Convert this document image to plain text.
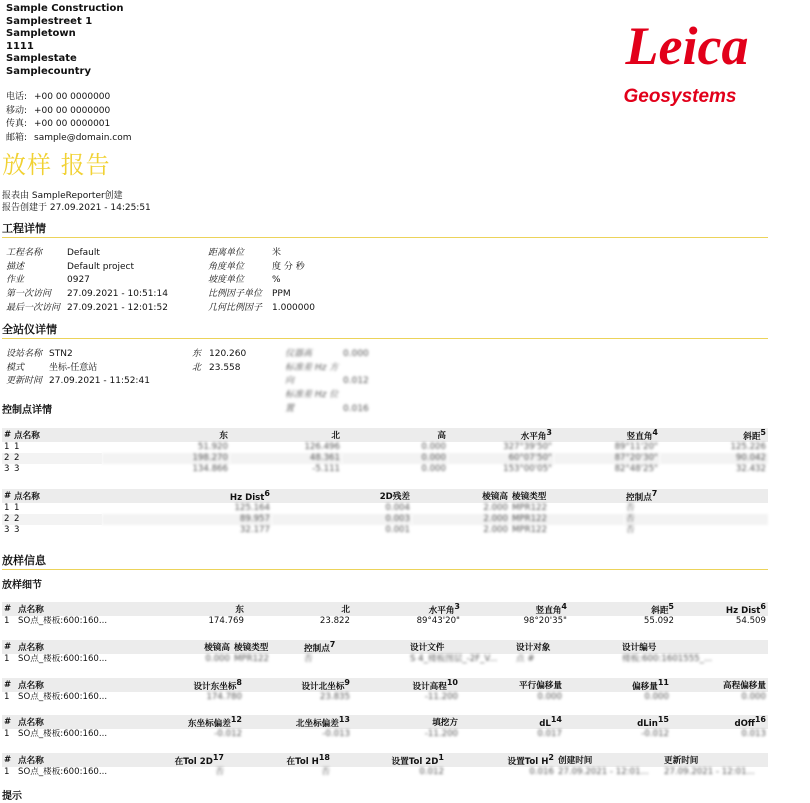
Sample Construction
Samplestreet 1
Sampletown
1111
Samplestate
Samplecountry
电话: +00 00 0000000
移动: +00 00 0000000
传真: +00 00 0000001
邮箱: sample@domain.com
Leica
Geosystems
放样 报告
报表由 SampleReporter创建
报告创建于 27.09.2021 - 14:25:51
工程详情
工程名称	Default
描述	Default project
作业	0927
第一次访问 27.09.2021 - 10:51:14
最后一次访问 27.09.2021 - 12:01:52
距离单位	米
角度单位	度 分 秒
坡度单位	%
比例因子单位 PPM
几何比例因子 1.000000
全站仪详情
设站名称 STN2
模式	坐标-任意站
更新时间 27.09.2021 - 11:52:41
东 120.260
北 23.558
仪器高	0.000
标准差 Hz 方向	0.012
标准差 Hz 位置	0.016
控制点详情
#	点名称	东	北	高	水平角$^3$	竖直角$^4$	斜距$^5$
1	1	51.920	126.496	0.000	327°39'50"	89°11'20"	125.226
2	2	198.270	48.361	0.000	60°07'50"	87°20'30"	90.042
3	3	134.866	-5.111	0.000	153°00'05"	82°48'25"	32.432
#	点名称	Hz Dist$^6$	2D残差	棱镜高	棱镜类型	控制点$^7$
1	1	125.164	0.004	2.000	MPR122	否
2	2	89.957	0.003	2.000	MPR122	否
3	3	32.177	0.001	2.000	MPR122	否
放样信息
放样细节
#	点名称	东	北	水平角$^3$	竖直角$^4$	斜距$^5$	Hz Dist$^6$
1	SO点_楼板:600:160...	174.769	23.822	89°43'20"	98°20'35"	55.092	54.509
#	点名称	棱镜高	棱镜类型	控制点$^7$	设计文件	设计对象	设计编号
1	SO点_楼板:600:160...	0.000	MPR122	否	S 4_楼板图层_-2F_V...	点 #	楼板:600:1601555_...
#	点名称	设计东坐标$^8$	设计北坐标$^9$	设计高程$^{10}$	平行偏移量	偏移量$^{11}$	高程偏移量
1	SO点_楼板:600:160...	174.780	23.835	-11.200	0.000	0.000	0.000
#	点名称	东坐标偏差$^{12}$	北坐标偏差$^{13}$	填挖方	$dL^{14}$	dLin$^{15}$	dOff$^{16}$
1	SO点_楼板:600:160...	-0.012	-0.013	-11.200	0.017	-0.012	0.013
#	点名称	在Tol $2D^{17}$	在Tol $H^{18}$	设置Tol $2D^1$	设置Tol $H^2$	创建时间	更新时间
1	SO点_楼板:600:160...	否	否	0.012	0.016	27.09.2021 - 12:01...	27.09.2021 - 12:01...
提示
